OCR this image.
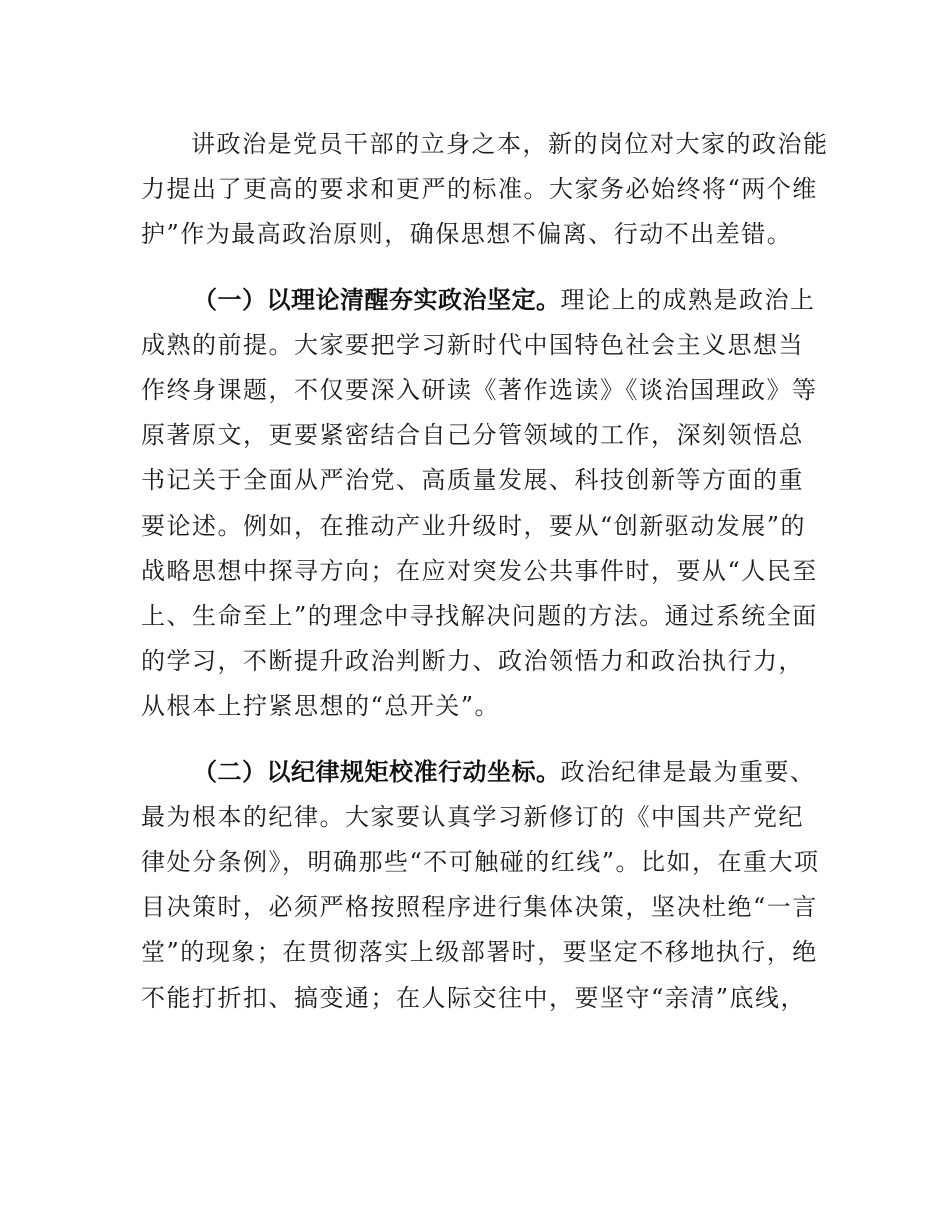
讲政治是党员干部的立身之本，新的岗位对大家的政治能力提出了更高的要求和更严的标准。大家务必始终将“两个维护”作为最高政治原则，确保思想不偏离、行动不出差错。

（一）以理论清醒夯实政治坚定。理论上的成熟是政治上成熟的前提。大家要把学习新时代中国特色社会主义思想当作终身课题，不仅要深入研读《著作选读》《谈治国理政》等原著原文，更要紧密结合自己分管领域的工作，深刻领悟总书记关于全面从严治党、高质量发展、科技创新等方面的重要论述。例如，在推动产业升级时，要从“创新驱动发展”的战略思想中探寻方向；在应对突发公共事件时，要从“人民至上、生命至上”的理念中寻找解决问题的方法。通过系统全面的学习，不断提升政治判断力、政治领悟力和政治执行力，从根本上拧紧思想的“总开关”。

（二）以纪律规矩校准行动坐标。政治纪律是最为重要、最为根本的纪律。大家要认真学习新修订的《中国共产党纪律处分条例》，明确那些“不可触碰的红线”。比如，在重大项目决策时，必须严格按照程序进行集体决策，坚决杜绝“一言堂”的现象；在贯彻落实上级部署时，要坚定不移地执行，绝不能打折扣、搞变通；在人际交往中，要坚守“亲清”底线，
